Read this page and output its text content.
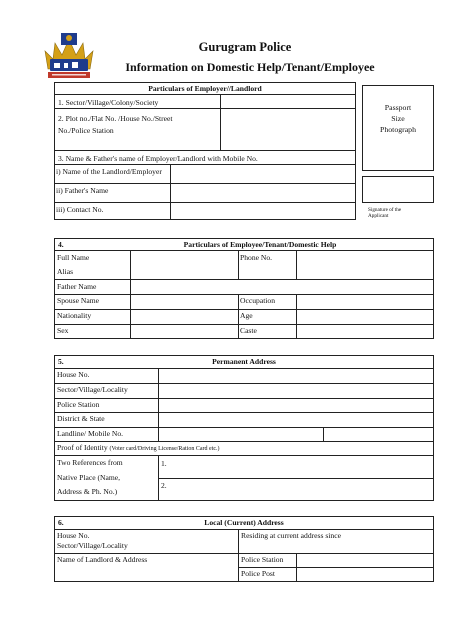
Gurugram Police
Information on Domestic Help/Tenant/Employee
Particulars of Employer//Landlord
1. Sector/Village/Colony/Society
2. Plot no./Flat No. /House No./Street
No./Police Station
3. Name & Father's name of Employer/Landlord with Mobile No.
i) Name of the Landlord/Employer
ii) Father's Name
iii) Contact No.
Passport
Size
Photograph
Signature of the
Applicant
4.	Particulars of Employee/Tenant/Domestic Help
Full Name
Alias
Phone No.
Father Name
Spouse Name	Occupation
Nationality	Age
Sex	Caste
5.	Permanent Address
House No.
Sector/Village/Locality
Police Station
District & State
Landline/ Mobile No.
Proof of Identity (Voter card/Driving License/Ration Card etc.)
Two References from
Native Place (Name,
Address & Ph. No.)
1.
2.
6.	Local (Current) Address
House No.
Sector/Village/Locality
Residing at current address since
Name of Landlord & Address	Police Station
Police Post
